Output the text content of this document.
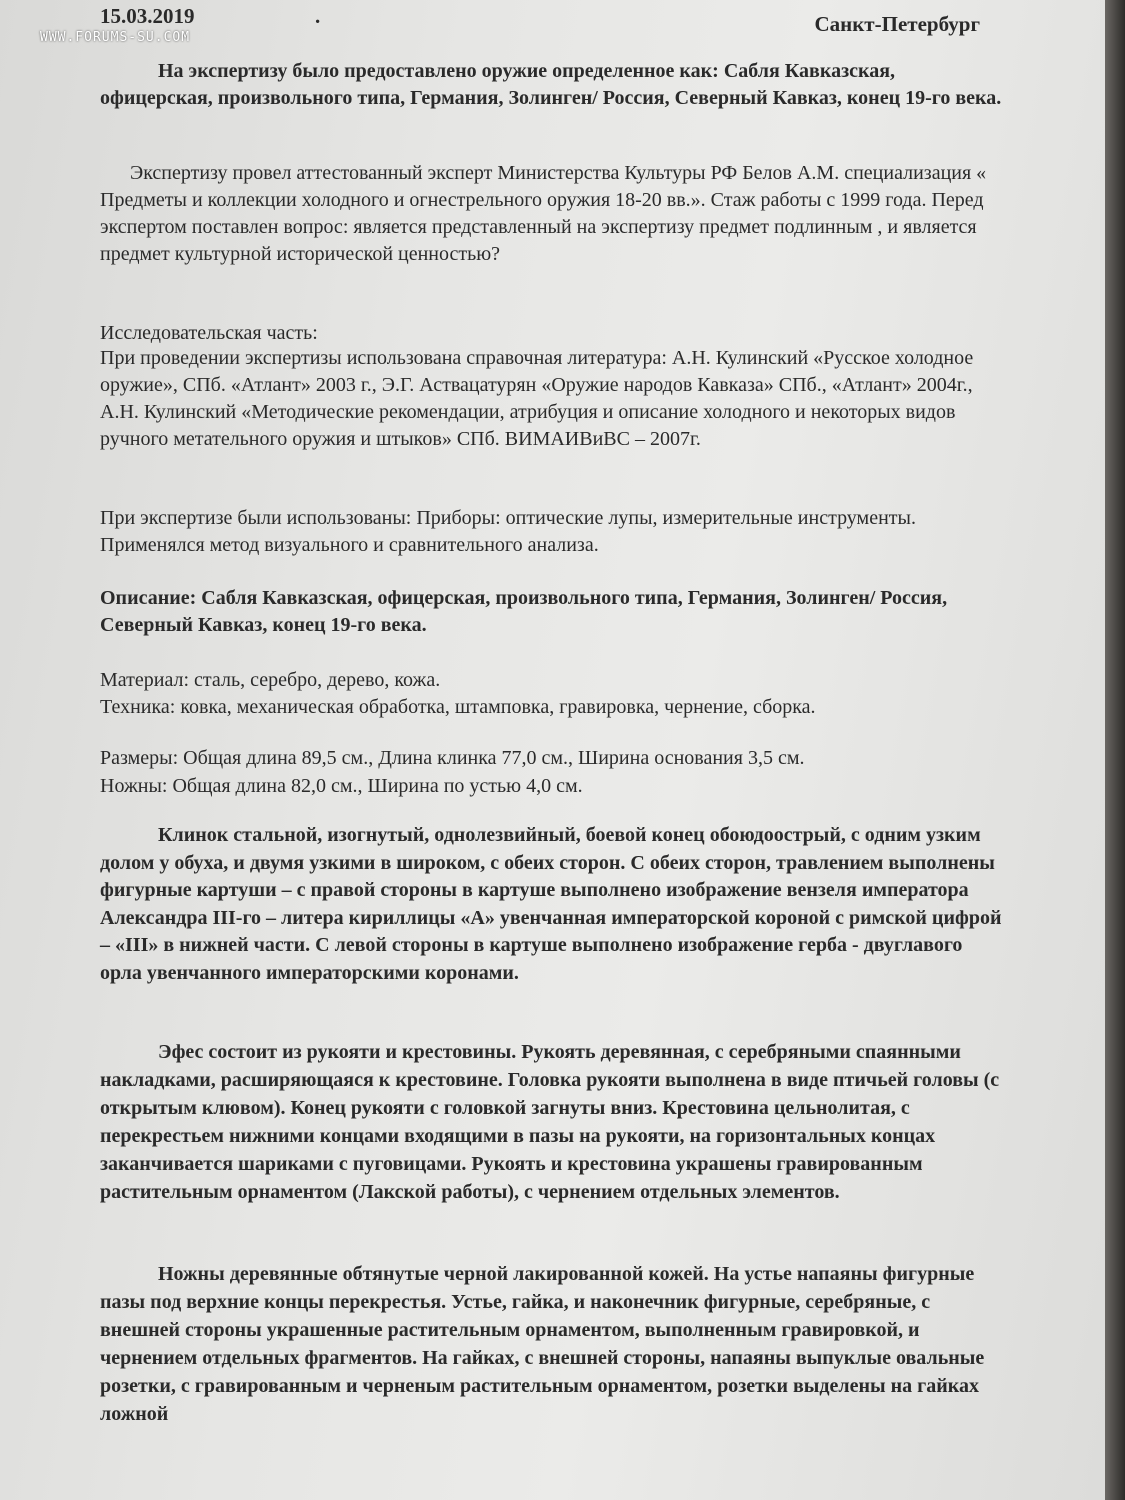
15.03.2019	.	Санкт-Петербург

На экспертизу было предоставлено оружие определенное как: Сабля Кавказская, офицерская, произвольного типа, Германия, Золинген/ Россия, Северный Кавказ, конец 19-го века.

Экспертизу провел аттестованный эксперт Министерства Культуры РФ Белов А.М. специализация « Предметы и коллекции холодного и огнестрельного оружия 18-20 вв.». Стаж работы с 1999 года. Перед экспертом поставлен вопрос: является представленный на экспертизу предмет подлинным , и является предмет культурной исторической ценностью?

Исследовательская часть:

При проведении экспертизы использована справочная литература: А.Н. Кулинский «Русское холодное оружие», СПб. «Атлант» 2003 г., Э.Г. Аствацатурян «Оружие народов Кавказа» СПб., «Атлант» 2004г., А.Н. Кулинский «Методические рекомендации, атрибуция и описание холодного и некоторых видов ручного метательного оружия и штыков» СПб. ВИМАИВиВС – 2007г.

При экспертизе были использованы: Приборы: оптические лупы, измерительные инструменты. Применялся метод визуального и сравнительного анализа.

Описание: Сабля Кавказская, офицерская, произвольного типа, Германия, Золинген/ Россия, Северный Кавказ, конец 19-го века.

Материал: сталь, серебро, дерево, кожа.

Техника: ковка, механическая обработка, штамповка, гравировка, чернение, сборка.

Размеры: Общая длина 89,5 см., Длина клинка 77,0 см., Ширина основания 3,5 см.

Ножны: Общая длина 82,0 см., Ширина по устью 4,0 см.

Клинок стальной, изогнутый, однолезвийный, боевой конец обоюдоострый, с одним узким долом у обуха, и двумя узкими в широком, с обеих сторон. С обеих сторон, травлением выполнены фигурные картуши – с правой стороны в картуше выполнено изображение вензеля императора Александра III-го – литера кириллицы «А» увенчанная императорской короной с римской цифрой – «III» в нижней части. С левой стороны в картуше выполнено изображение герба - двуглавого орла увенчанного императорскими коронами.

Эфес состоит из рукояти и крестовины. Рукоять деревянная, с серебряными спаянными накладками, расширяющаяся к крестовине. Головка рукояти выполнена в виде птичьей головы (с открытым клювом). Конец рукояти с головкой загнуты вниз. Крестовина цельнолитая, с перекрестьем нижними концами входящими в пазы на рукояти, на горизонтальных концах заканчивается шариками с пуговицами. Рукоять и крестовина украшены гравированным растительным орнаментом (Лакской работы), с чернением отдельных элементов.

Ножны деревянные обтянутые черной лакированной кожей. На устье напаяны фигурные пазы под верхние концы перекрестья. Устье, гайка, и наконечник фигурные, серебряные, с внешней стороны украшенные растительным орнаментом, выполненным гравировкой, и чернением отдельных фрагментов. На гайках, с внешней стороны, напаяны выпуклые овальные розетки, с гравированным и черненым растительным орнаментом, розетки выделены на гайках ложной

WWW.FORUMS-SU.COM
